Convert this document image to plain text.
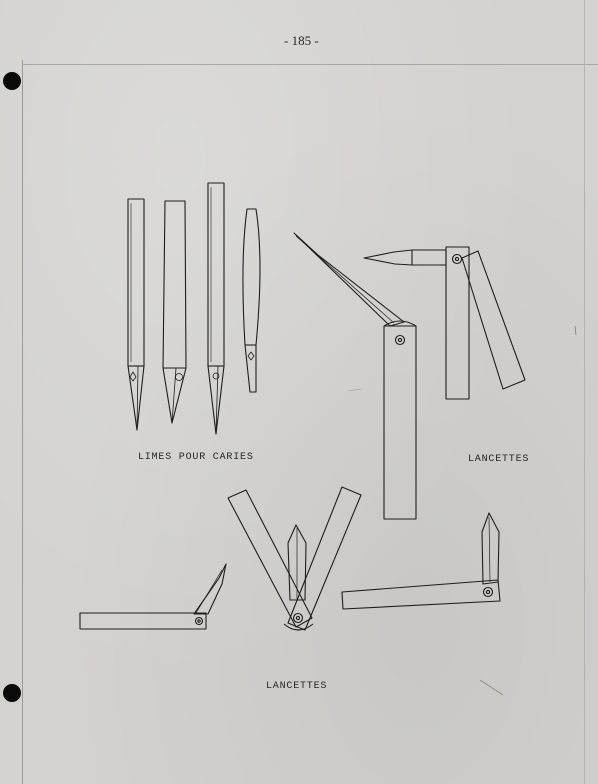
- 185 -
LIMES POUR CARIES	LANCETTES
LANCETTES
